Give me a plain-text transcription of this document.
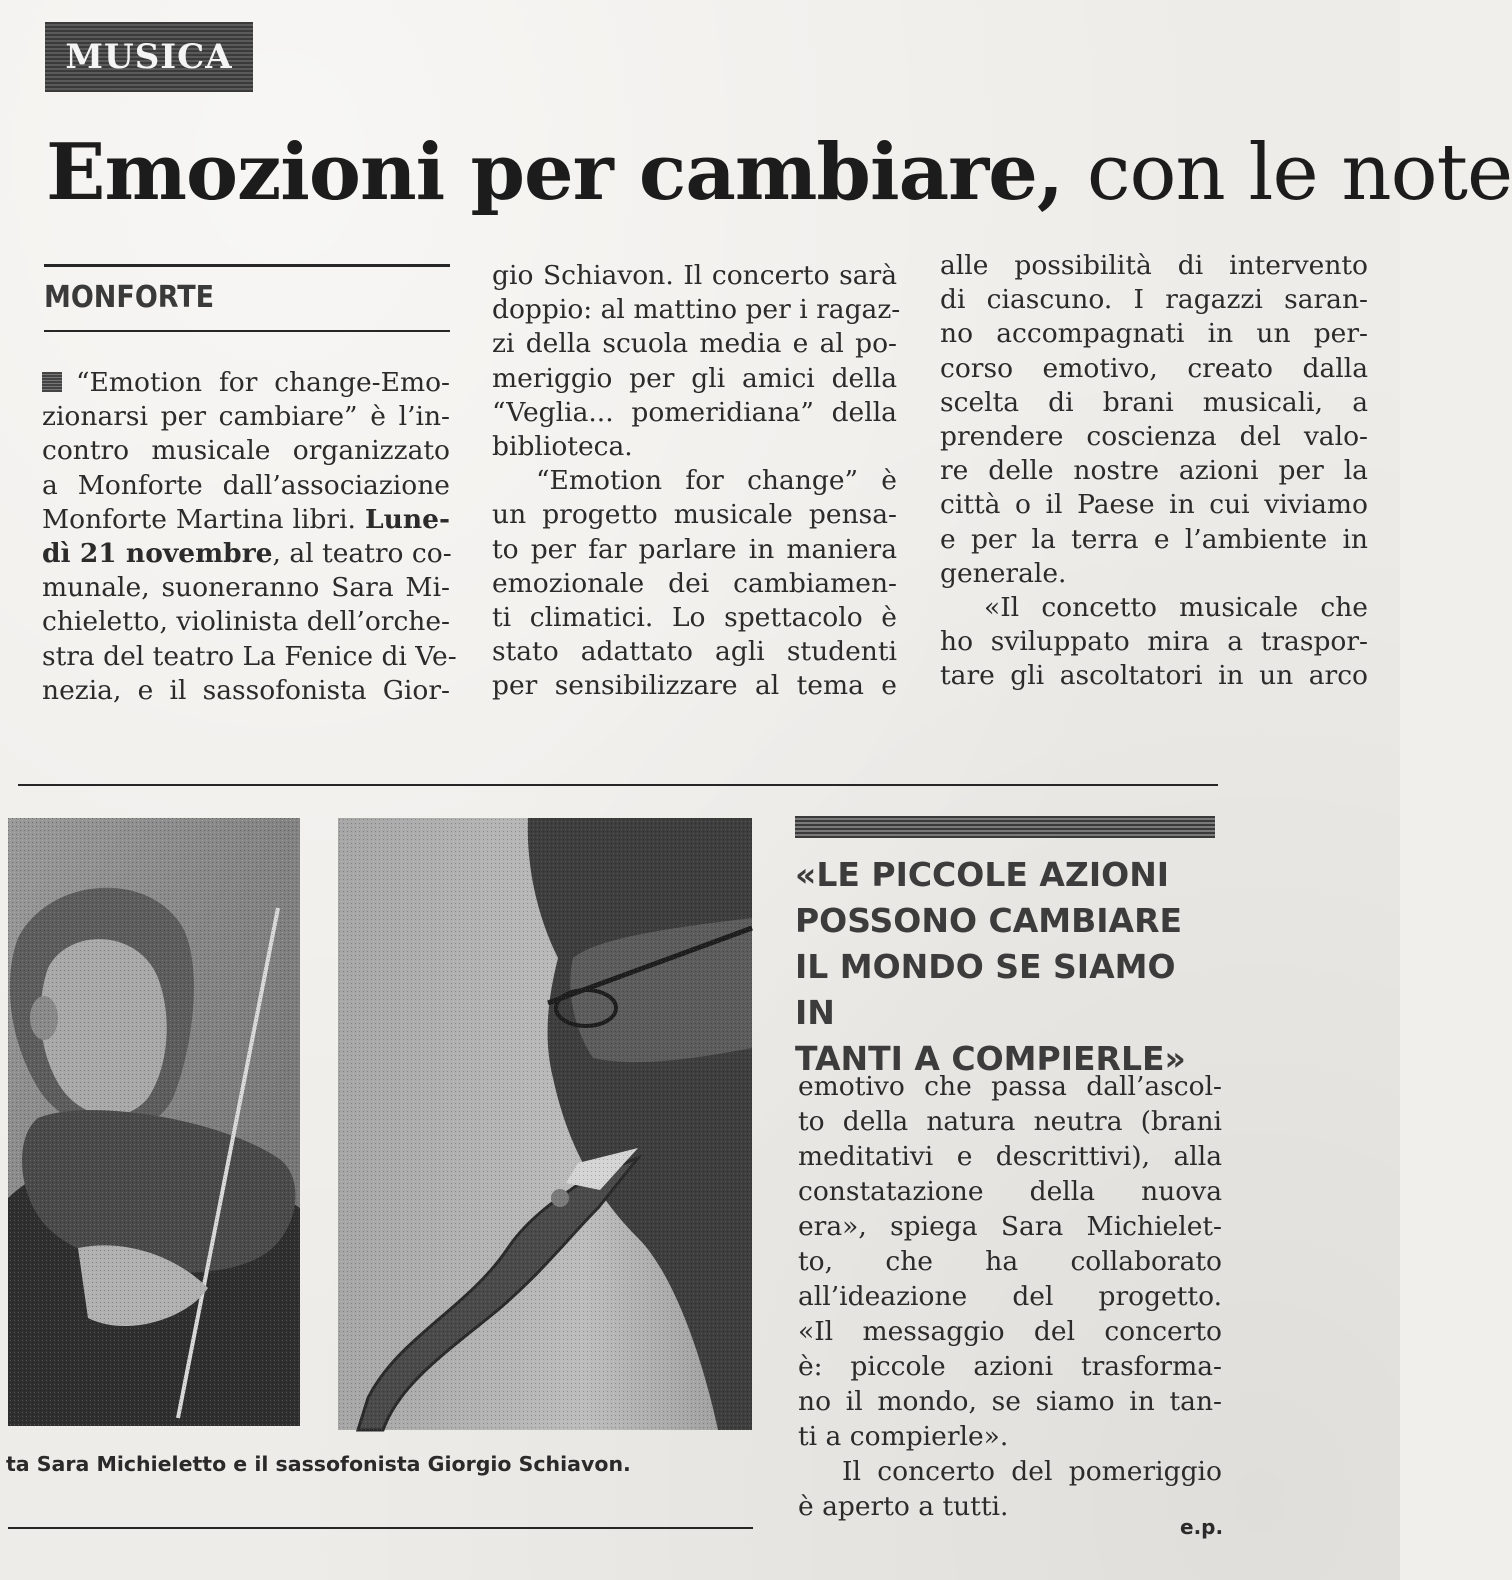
MUSICA
Emozioni per cambiare, con le note
MONFORTE
“Emotion for change-Emo-
zionarsi per cambiare” è l’in-
contro musicale organizzato
a Monforte dall’associazione
Monforte Martina libri. Lune-
dì 21 novembre, al teatro co-
munale, suoneranno Sara Mi-
chieletto, violinista dell’orche-
stra del teatro La Fenice di Ve-
nezia, e il sassofonista Gior-
gio Schiavon. Il concerto sarà
doppio: al mattino per i ragaz-
zi della scuola media e al po-
meriggio per gli amici della
“Veglia... pomeridiana” della
biblioteca.
“Emotion for change” è
un progetto musicale pensa-
to per far parlare in maniera
emozionale dei cambiamen-
ti climatici. Lo spettacolo è
stato adattato agli studenti
per sensibilizzare al tema e
alle possibilità di intervento
di ciascuno. I ragazzi saran-
no accompagnati in un per-
corso emotivo, creato dalla
scelta di brani musicali, a
prendere coscienza del valo-
re delle nostre azioni per la
città o il Paese in cui viviamo
e per la terra e l’ambiente in
generale.
«Il concetto musicale che
ho sviluppato mira a traspor-
tare gli ascoltatori in un arco
«LE PICCOLE AZIONI
POSSONO CAMBIARE
IL MONDO SE SIAMO IN
TANTI A COMPIERLE»
emotivo che passa dall’ascol-
to della natura neutra (brani
meditativi e descrittivi), alla
constatazione della nuova
era», spiega Sara Michielet-
to, che ha collaborato
all’ideazione del progetto.
«Il messaggio del concerto
è: piccole azioni trasforma-
no il mondo, se siamo in tan-
ti a compierle».
Il concerto del pomeriggio
è aperto a tutti.
ta Sara Michieletto e il sassofonista Giorgio Schiavon.
e.p.
